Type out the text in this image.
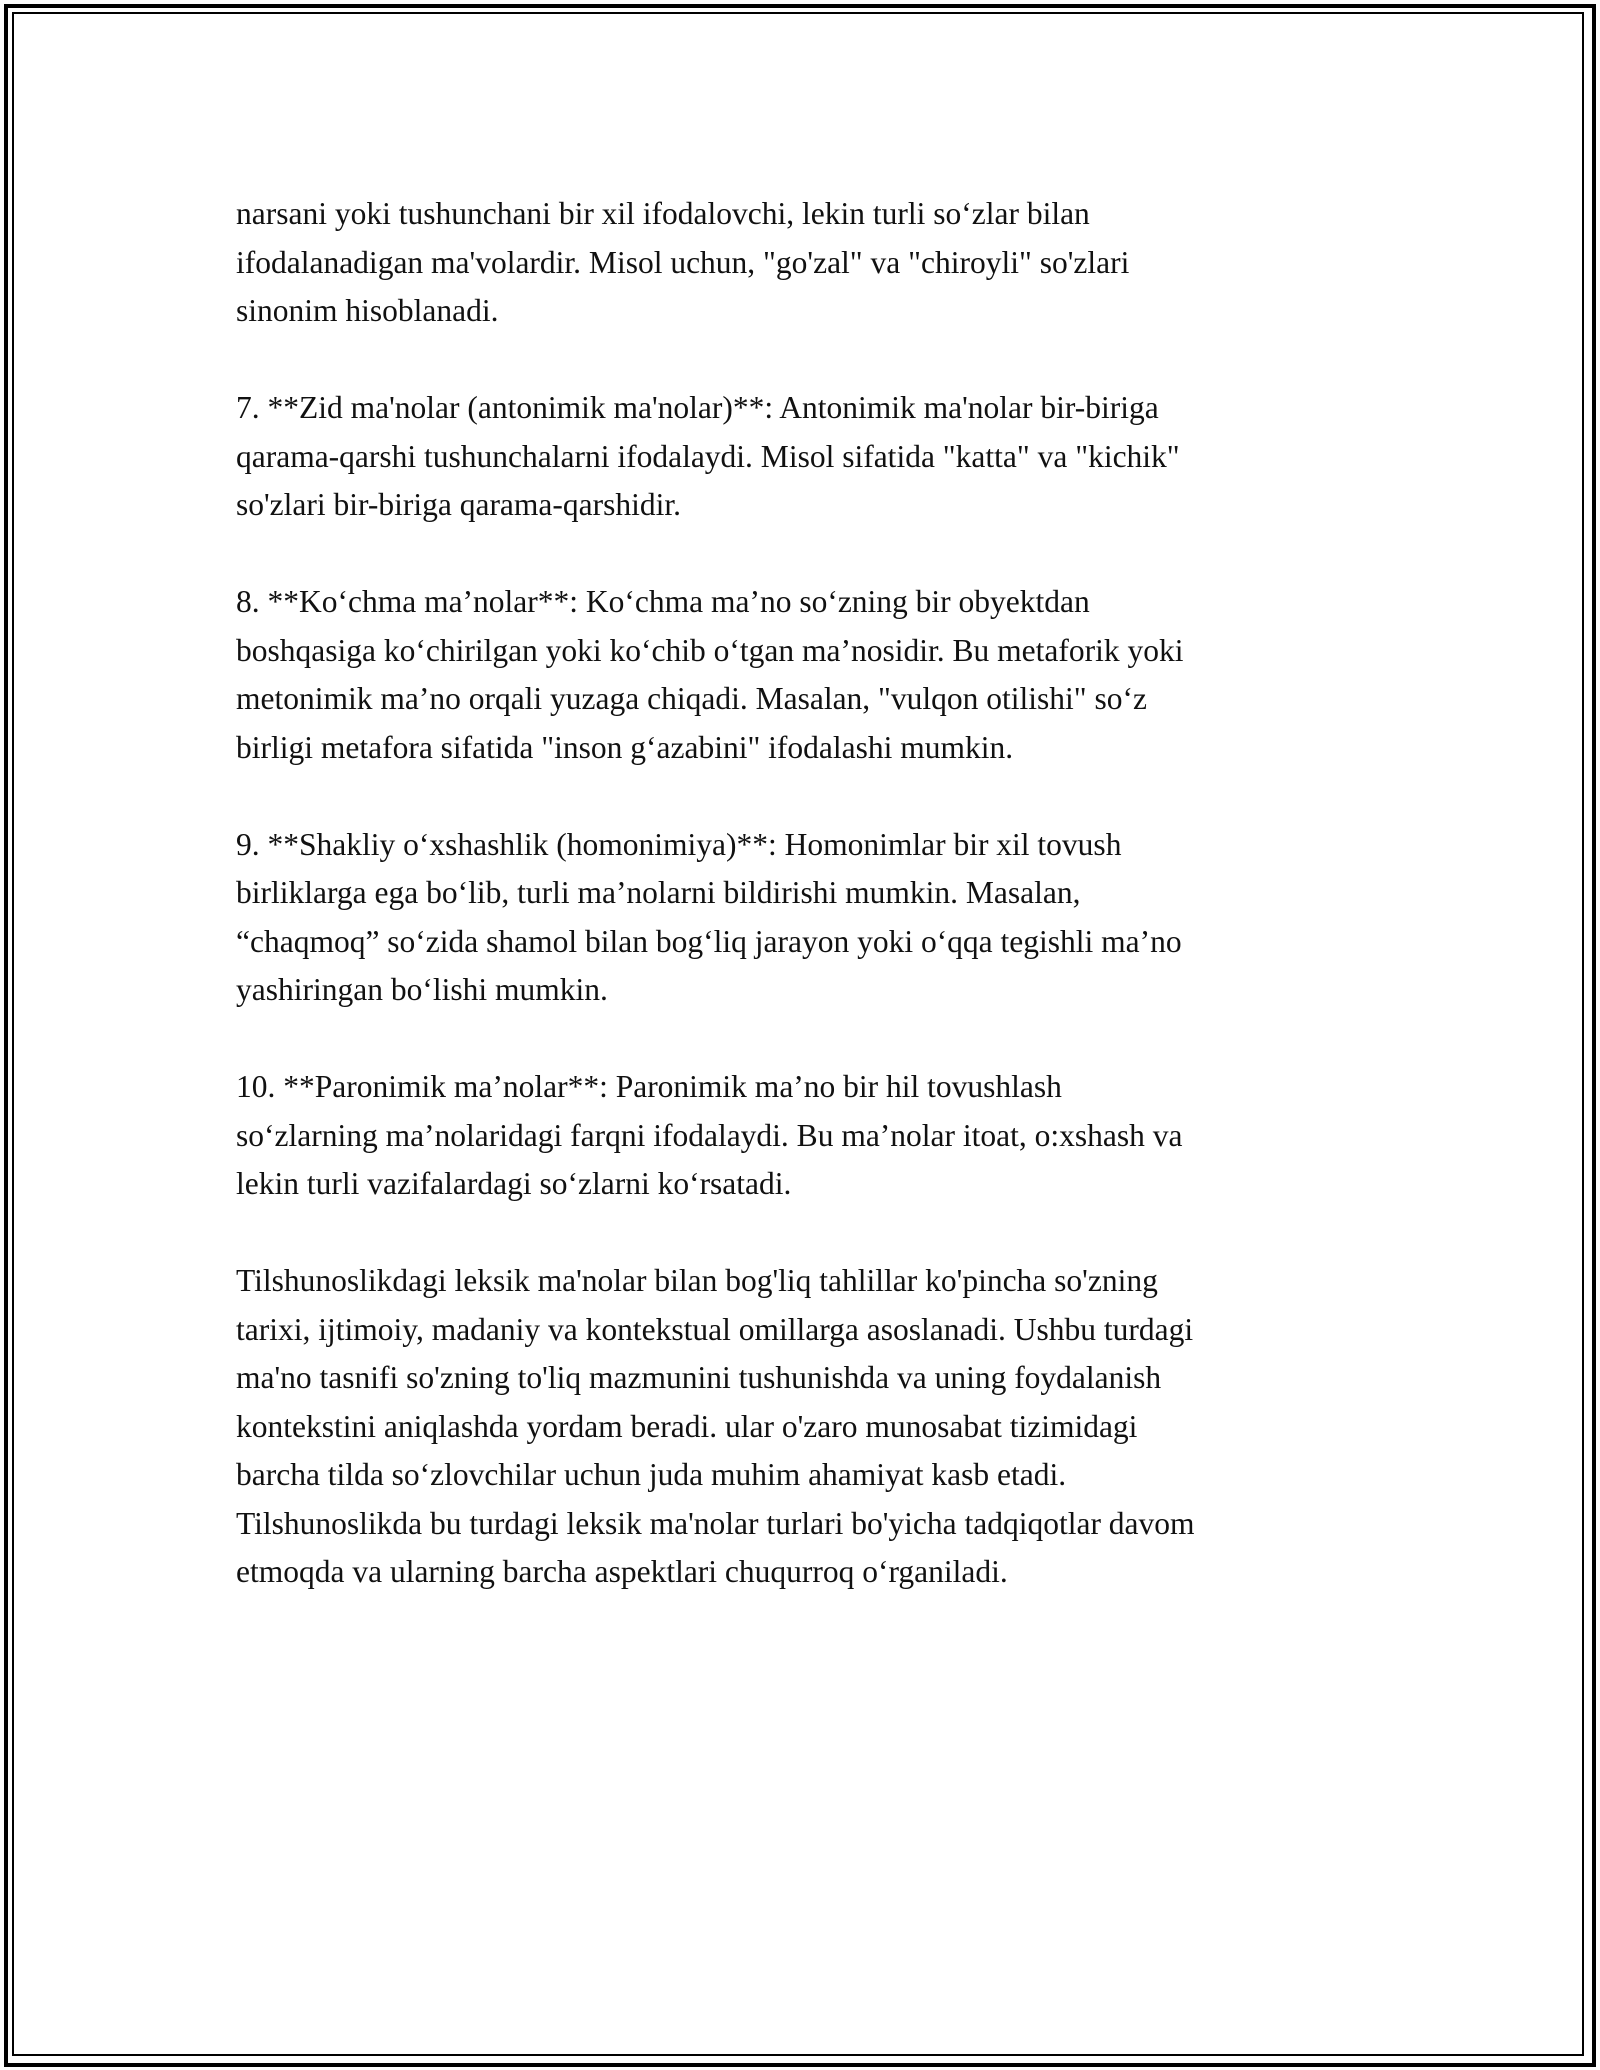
narsani yoki tushunchani bir xil ifodalovchi, lekin turli so‘zlar bilan
ifodalanadigan ma'volardir. Misol uchun, "go'zal" va "chiroyli" so'zlari
sinonim hisoblanadi.

7. **Zid ma'nolar (antonimik ma'nolar)**: Antonimik ma'nolar bir-biriga
qarama-qarshi tushunchalarni ifodalaydi. Misol sifatida "katta" va "kichik"
so'zlari bir-biriga qarama-qarshidir.

8. **Ko‘chma ma’nolar**: Ko‘chma ma’no so‘zning bir obyektdan
boshqasiga ko‘chirilgan yoki ko‘chib o‘tgan ma’nosidir. Bu metaforik yoki
metonimik ma’no orqali yuzaga chiqadi. Masalan, "vulqon otilishi" so‘z
birligi metafora sifatida "inson g‘azabini" ifodalashi mumkin.

9. **Shakliy o‘xshashlik (homonimiya)**: Homonimlar bir xil tovush
birliklarga ega bo‘lib, turli ma’nolarni bildirishi mumkin. Masalan,
“chaqmoq” so‘zida shamol bilan bog‘liq jarayon yoki o‘qqa tegishli ma’no
yashiringan bo‘lishi mumkin.

10. **Paronimik ma’nolar**: Paronimik ma’no bir hil tovushlash
so‘zlarning ma’nolaridagi farqni ifodalaydi. Bu ma’nolar itoat, o:xshash va
lekin turli vazifalardagi so‘zlarni ko‘rsatadi.

Tilshunoslikdagi leksik ma'nolar bilan bog'liq tahlillar ko'pincha so'zning
tarixi, ijtimoiy, madaniy va kontekstual omillarga asoslanadi. Ushbu turdagi
ma'no tasnifi so'zning to'liq mazmunini tushunishda va uning foydalanish
kontekstini aniqlashda yordam beradi. ular o'zaro munosabat tizimidagi
barcha tilda so‘zlovchilar uchun juda muhim ahamiyat kasb etadi.
Tilshunoslikda bu turdagi leksik ma'nolar turlari bo'yicha tadqiqotlar davom
etmoqda va ularning barcha aspektlari chuqurroq o‘rganiladi.
